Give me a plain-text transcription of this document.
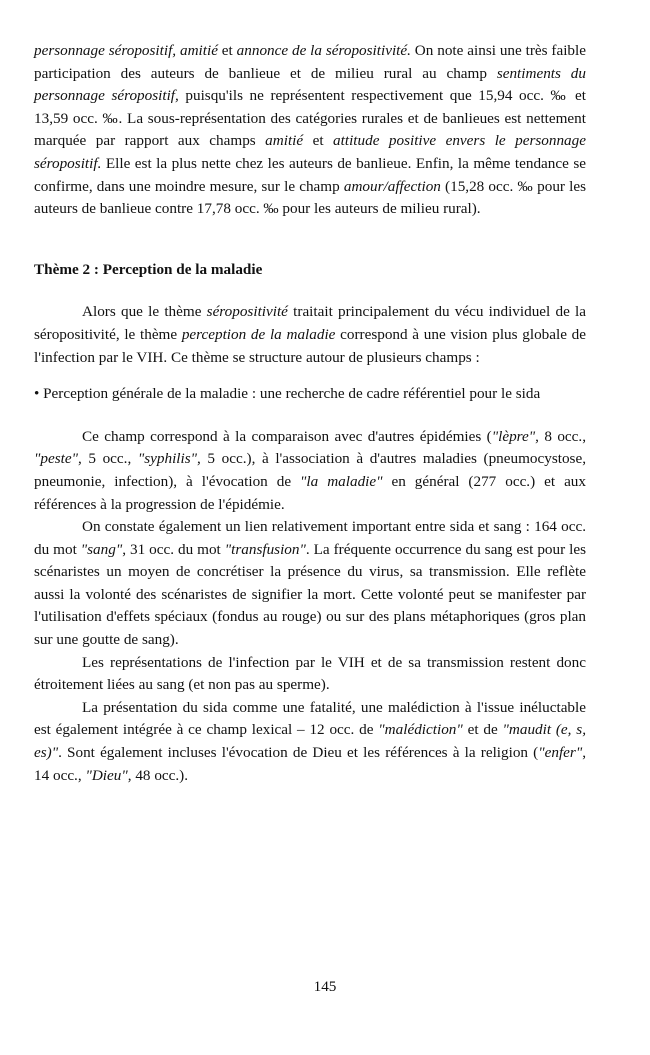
personnage séropositif, amitié et annonce de la séropositivité. On note ainsi une très faible participation des auteurs de banlieue et de milieu rural au champ sentiments du personnage séropositif, puisqu'ils ne représentent respectivement que 15,94 occ. ‰ et 13,59 occ. ‰. La sous-représentation des catégories rurales et de banlieues est nettement marquée par rapport aux champs amitié et attitude positive envers le personnage séropositif. Elle est la plus nette chez les auteurs de banlieue. Enfin, la même tendance se confirme, dans une moindre mesure, sur le champ amour/affection (15,28 occ. ‰ pour les auteurs de banlieue contre 17,78 occ. ‰ pour les auteurs de milieu rural).

Thème 2 : Perception de la maladie

Alors que le thème séropositivité traitait principalement du vécu individuel de la séropositivité, le thème perception de la maladie correspond à une vision plus globale de l'infection par le VIH. Ce thème se structure autour de plusieurs champs :

• Perception générale de la maladie : une recherche de cadre référentiel pour le sida

Ce champ correspond à la comparaison avec d'autres épidémies ("lèpre", 8 occ., "peste", 5 occ., "syphilis", 5 occ.), à l'association à d'autres maladies (pneumocystose, pneumonie, infection), à l'évocation de "la maladie" en général (277 occ.) et aux références à la progression de l'épidémie.

On constate également un lien relativement important entre sida et sang : 164 occ. du mot "sang", 31 occ. du mot "transfusion". La fréquente occurrence du sang est pour les scénaristes un moyen de concrétiser la présence du virus, sa transmission. Elle reflète aussi la volonté des scénaristes de signifier la mort. Cette volonté peut se manifester par l'utilisation d'effets spéciaux (fondus au rouge) ou sur des plans métaphoriques (gros plan sur une goutte de sang).

Les représentations de l'infection par le VIH et de sa transmission restent donc étroitement liées au sang (et non pas au sperme).

La présentation du sida comme une fatalité, une malédiction à l'issue inéluctable est également intégrée à ce champ lexical – 12 occ. de "malédiction" et de "maudit (e, s, es)". Sont également incluses l'évocation de Dieu et les références à la religion ("enfer", 14 occ., "Dieu", 48 occ.).

145
